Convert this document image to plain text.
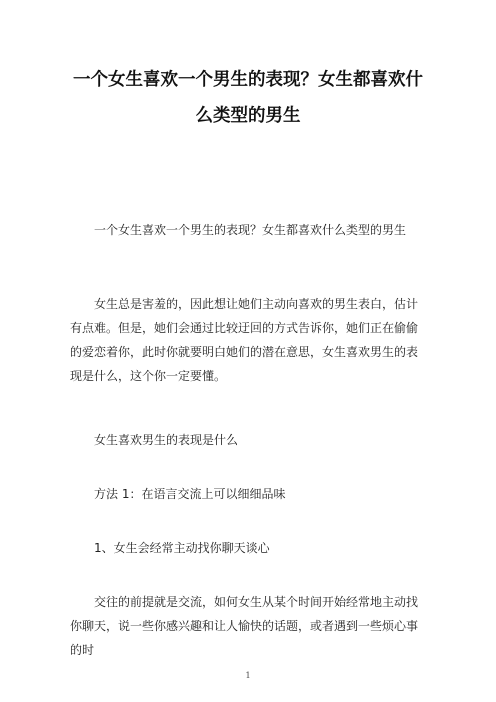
一个女生喜欢一个男生的表现？女生都喜欢什么类型的男生

一个女生喜欢一个男生的表现？女生都喜欢什么类型的男生

女生总是害羞的，因此想让她们主动向喜欢的男生表白，估计有点难。但是，她们会通过比较迂回的方式告诉你，她们正在偷偷的爱恋着你，此时你就要明白她们的潜在意思，女生喜欢男生的表现是什么，这个你一定要懂。

女生喜欢男生的表现是什么

方法 1：在语言交流上可以细细品味

1、女生会经常主动找你聊天谈心

交往的前提就是交流，如何女生从某个时间开始经常地主动找你聊天，说一些你感兴趣和让人愉快的话题，或者遇到一些烦心事的时

1
